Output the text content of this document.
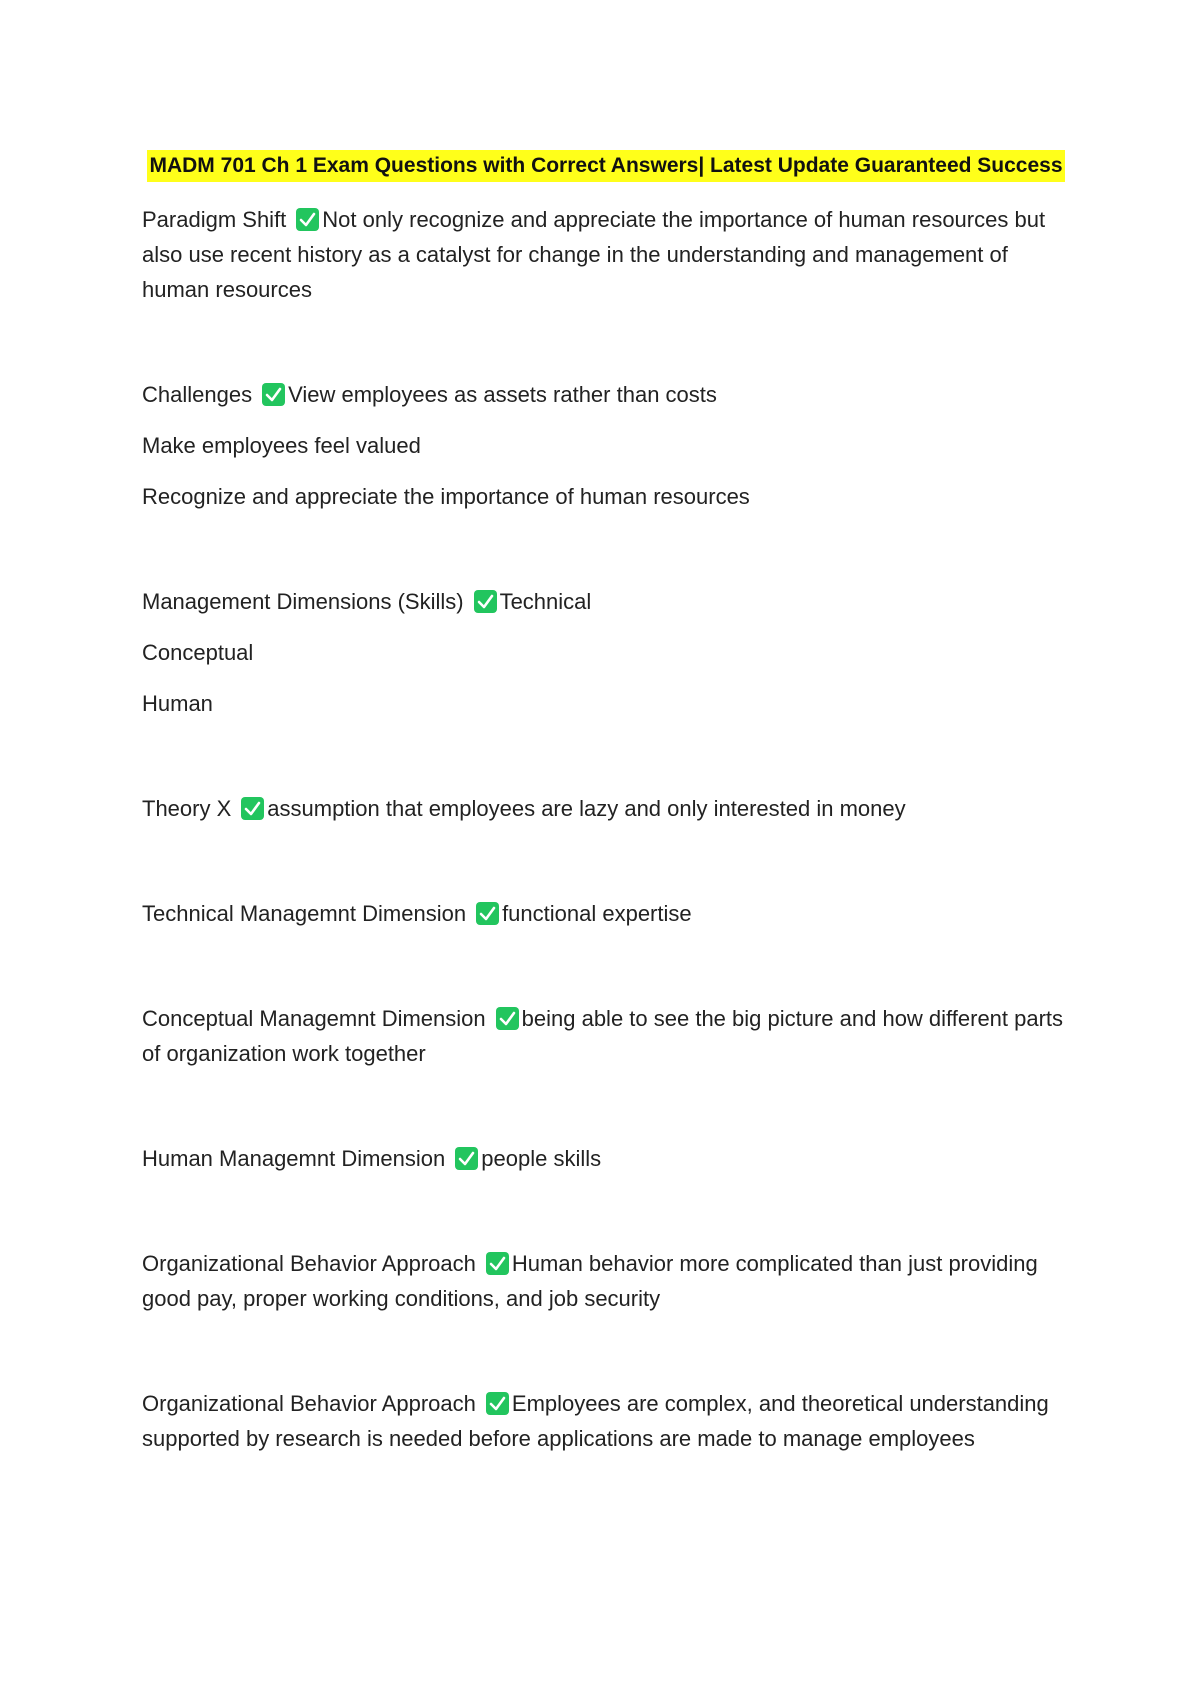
MADM 701 Ch 1 Exam Questions with Correct Answers| Latest Update Guaranteed Success

Paradigm Shift Not only recognize and appreciate the importance of human resources but also use recent history as a catalyst for change in the understanding and management of human resources

Challenges View employees as assets rather than costs

Make employees feel valued

Recognize and appreciate the importance of human resources

Management Dimensions (Skills) Technical

Conceptual

Human

Theory X assumption that employees are lazy and only interested in money

Technical Managemnt Dimension functional expertise

Conceptual Managemnt Dimension being able to see the big picture and how different parts of organization work together

Human Managemnt Dimension people skills

Organizational Behavior Approach Human behavior more complicated than just providing good pay, proper working conditions, and job security

Organizational Behavior Approach Employees are complex, and theoretical understanding supported by research is needed before applications are made to manage employees
